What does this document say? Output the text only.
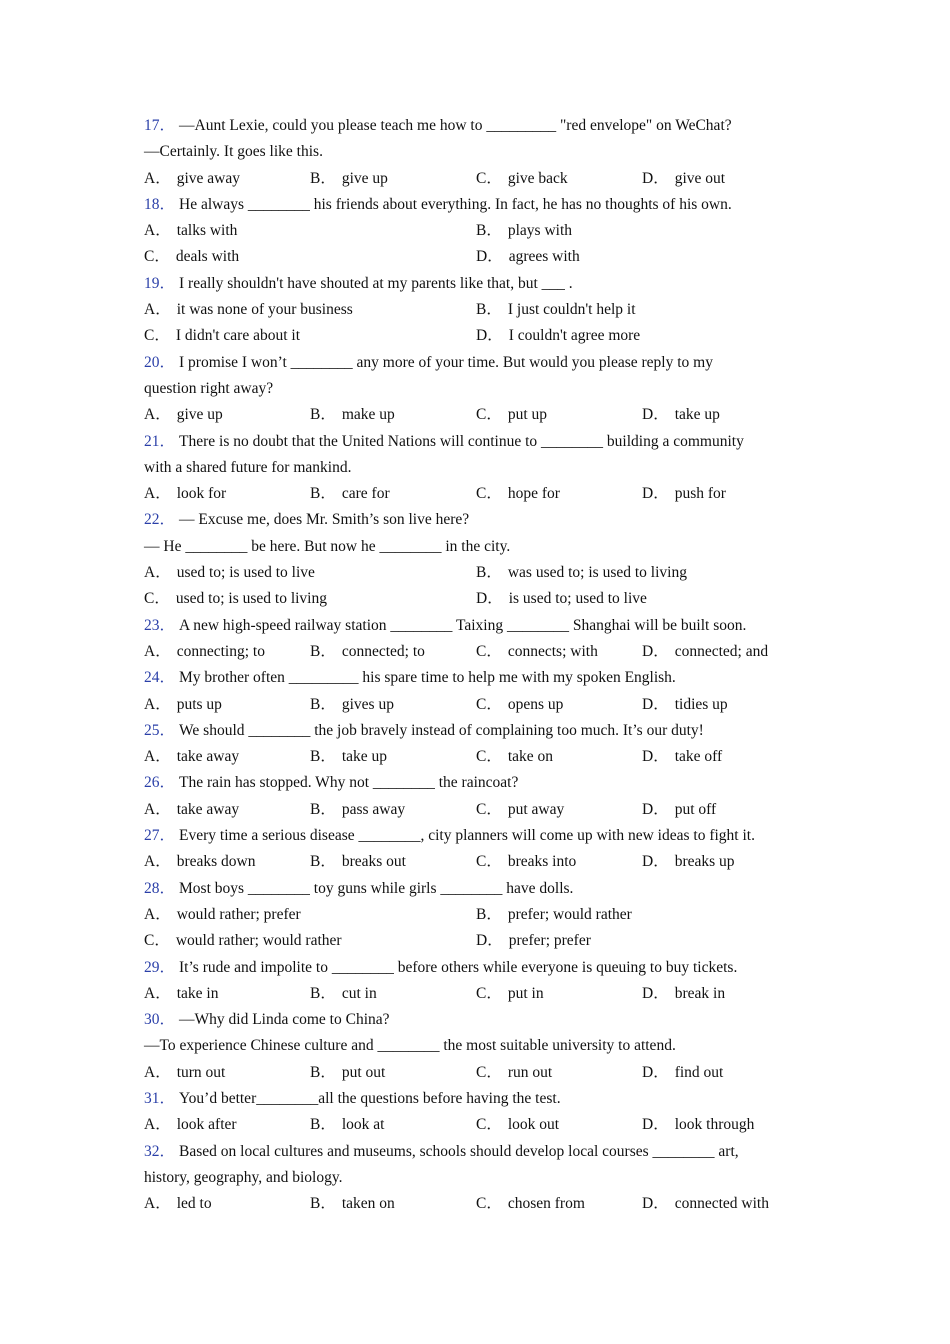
17． —Aunt Lexie, could you please teach me how to _________ "red envelope" on WeChat?
—Certainly. It goes like this.
A． give away	B． give up	C． give back	D． give out
18． He always ________ his friends about everything. In fact, he has no thoughts of his own.
A． talks with	B． plays with
C． deals with	D． agrees with
19． I really shouldn't have shouted at my parents like that, but ___ .
A． it was none of your business	B． I just couldn't help it
C． I didn't care about it	D． I couldn't agree more
20． I promise I won’t ________ any more of your time. But would you please reply to my
question right away?
A． give up	B． make up	C． put up	D． take up
21． There is no doubt that the United Nations will continue to ________ building a community
with a shared future for mankind.
A． look for	B． care for	C． hope for	D． push for
22． — Excuse me, does Mr. Smith’s son live here?
— He ________ be here. But now he ________ in the city.
A． used to; is used to live	B． was used to; is used to living
C． used to; is used to living	D． is used to; used to live
23． A new high-speed railway station ________ Taixing ________ Shanghai will be built soon.
A． connecting; to	B． connected; to	C． connects; with	D． connected; and
24． My brother often _________ his spare time to help me with my spoken English.
A． puts up	B． gives up	C． opens up	D． tidies up
25． We should ________ the job bravely instead of complaining too much. It’s our duty!
A． take away	B． take up	C． take on	D． take off
26． The rain has stopped. Why not ________ the raincoat?
A． take away	B． pass away	C． put away	D． put off
27． Every time a serious disease ________, city planners will come up with new ideas to fight it.
A． breaks down	B． breaks out	C． breaks into	D． breaks up
28． Most boys ________ toy guns while girls ________ have dolls.
A． would rather; prefer	B． prefer; would rather
C． would rather; would rather	D． prefer; prefer
29． It’s rude and impolite to ________ before others while everyone is queuing to buy tickets.
A． take in	B． cut in	C． put in	D． break in
30． —Why did Linda come to China?
—To experience Chinese culture and ________ the most suitable university to attend.
A． turn out	B． put out	C． run out	D． find out
31． You’d better________all the questions before having the test.
A． look after	B． look at	C． look out	D． look through
32． Based on local cultures and museums, schools should develop local courses ________ art,
history, geography, and biology.
A． led to	B． taken on	C． chosen from	D． connected with
